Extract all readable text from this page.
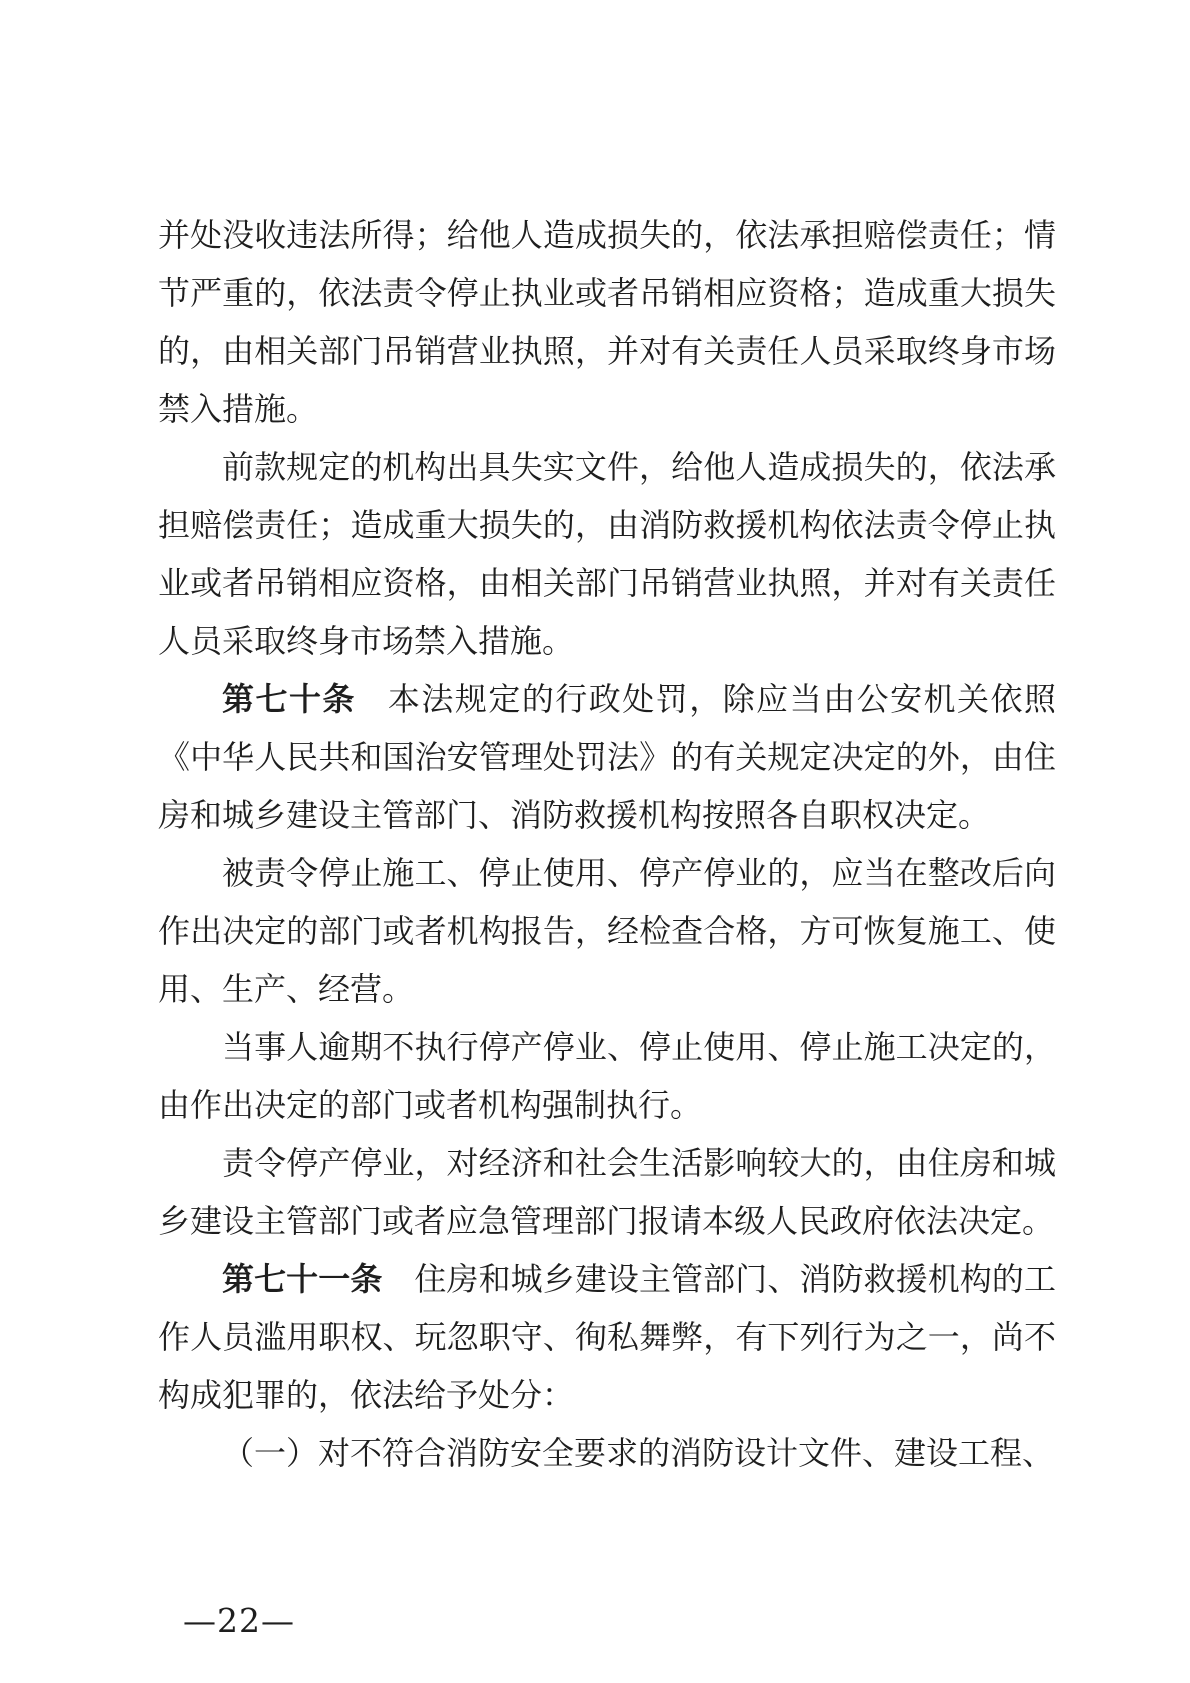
并处没收违法所得；给他人造成损失的，依法承担赔偿责任；情节严重的，依法责令停止执业或者吊销相应资格；造成重大损失的，由相关部门吊销营业执照，并对有关责任人员采取终身市场禁入措施。

前款规定的机构出具失实文件，给他人造成损失的，依法承担赔偿责任；造成重大损失的，由消防救援机构依法责令停止执业或者吊销相应资格，由相关部门吊销营业执照，并对有关责任人员采取终身市场禁入措施。

第七十条 本法规定的行政处罚，除应当由公安机关依照《中华人民共和国治安管理处罚法》的有关规定决定的外，由住房和城乡建设主管部门、消防救援机构按照各自职权决定。

被责令停止施工、停止使用、停产停业的，应当在整改后向作出决定的部门或者机构报告，经检查合格，方可恢复施工、使用、生产、经营。

当事人逾期不执行停产停业、停止使用、停止施工决定的，由作出决定的部门或者机构强制执行。

责令停产停业，对经济和社会生活影响较大的，由住房和城乡建设主管部门或者应急管理部门报请本级人民政府依法决定。

第七十一条 住房和城乡建设主管部门、消防救援机构的工作人员滥用职权、玩忽职守、徇私舞弊，有下列行为之一，尚不构成犯罪的，依法给予处分：

（一）对不符合消防安全要求的消防设计文件、建设工程、

—22—
